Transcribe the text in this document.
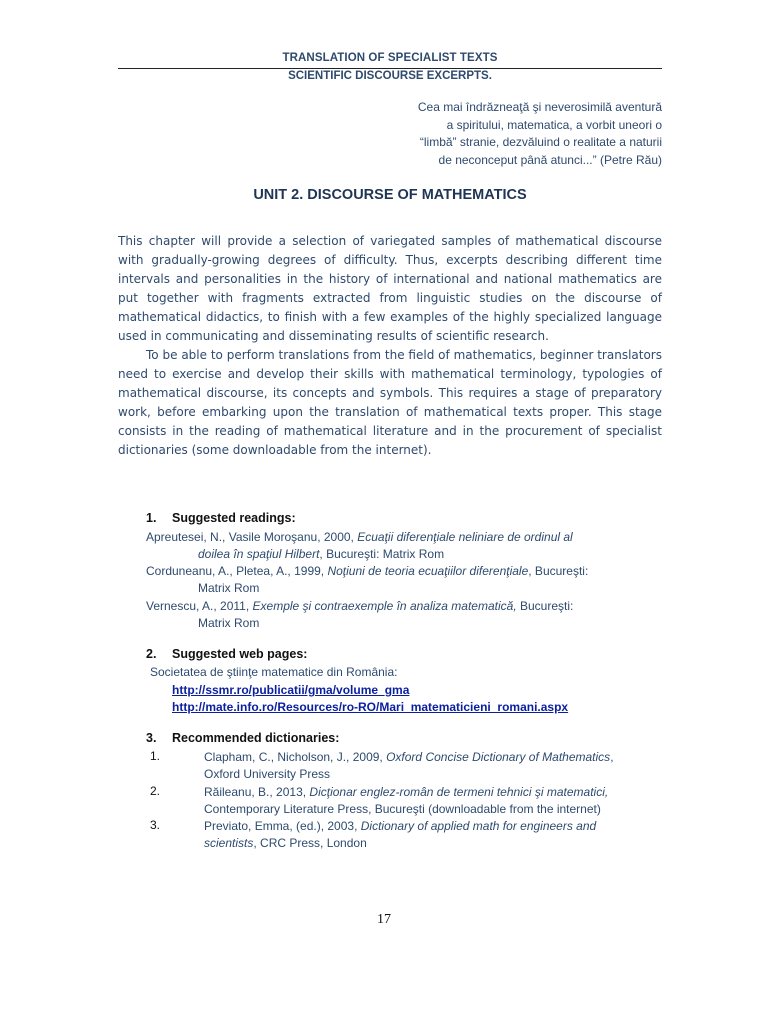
TRANSLATION OF SPECIALIST TEXTS
SCIENTIFIC DISCOURSE EXCERPTS.
Cea mai îndrăzneaţă şi neverosimilă aventură
a spiritului, matematica, a vorbit uneori o
“limbă” stranie, dezvăluind o realitate a naturii
de neconceput până atunci...” (Petre Rău)
UNIT 2. DISCOURSE OF MATHEMATICS

This chapter will provide a selection of variegated samples of mathematical discourse with gradually-growing degrees of difficulty. Thus, excerpts describing different time intervals and personalities in the history of international and national mathematics are put together with fragments extracted from linguistic studies on the discourse of mathematical didactics, to finish with a few examples of the highly specialized language used in communicating and disseminating results of scientific research.

To be able to perform translations from the field of mathematics, beginner translators need to exercise and develop their skills with mathematical terminology, typologies of mathematical discourse, its concepts and symbols. This requires a stage of preparatory work, before embarking upon the translation of mathematical texts proper. This stage consists in the reading of mathematical literature and in the procurement of specialist dictionaries (some downloadable from the internet).

1. Suggested readings:
Apreutesei, N., Vasile Moroşanu, 2000, Ecuaţii diferenţiale neliniare de ordinul al
doilea în spaţiul Hilbert, Bucureşti: Matrix Rom
Corduneanu, A., Pletea, A., 1999, Noţiuni de teoria ecuaţiilor diferenţiale, Bucureşti:
Matrix Rom
Vernescu, A., 2011, Exemple şi contraexemple în analiza matematică, Bucureşti:
Matrix Rom
2. Suggested web pages:
Societatea de ştiinţe matematice din România:
http://ssmr.ro/publicatii/gma/volume_gma
http://mate.info.ro/Resources/ro-RO/Mari_matematicieni_romani.aspx
3. Recommended dictionaries:
1.	Clapham, C., Nicholson, J., 2009, Oxford Concise Dictionary of Mathematics,
Oxford University Press
2.	Răileanu, B., 2013, Dicţionar englez-român de termeni tehnici şi matematici,
Contemporary Literature Press, Bucureşti (downloadable from the internet)
3.	Previato, Emma, (ed.), 2003, Dictionary of applied math for engineers and
scientists, CRC Press, London
17
